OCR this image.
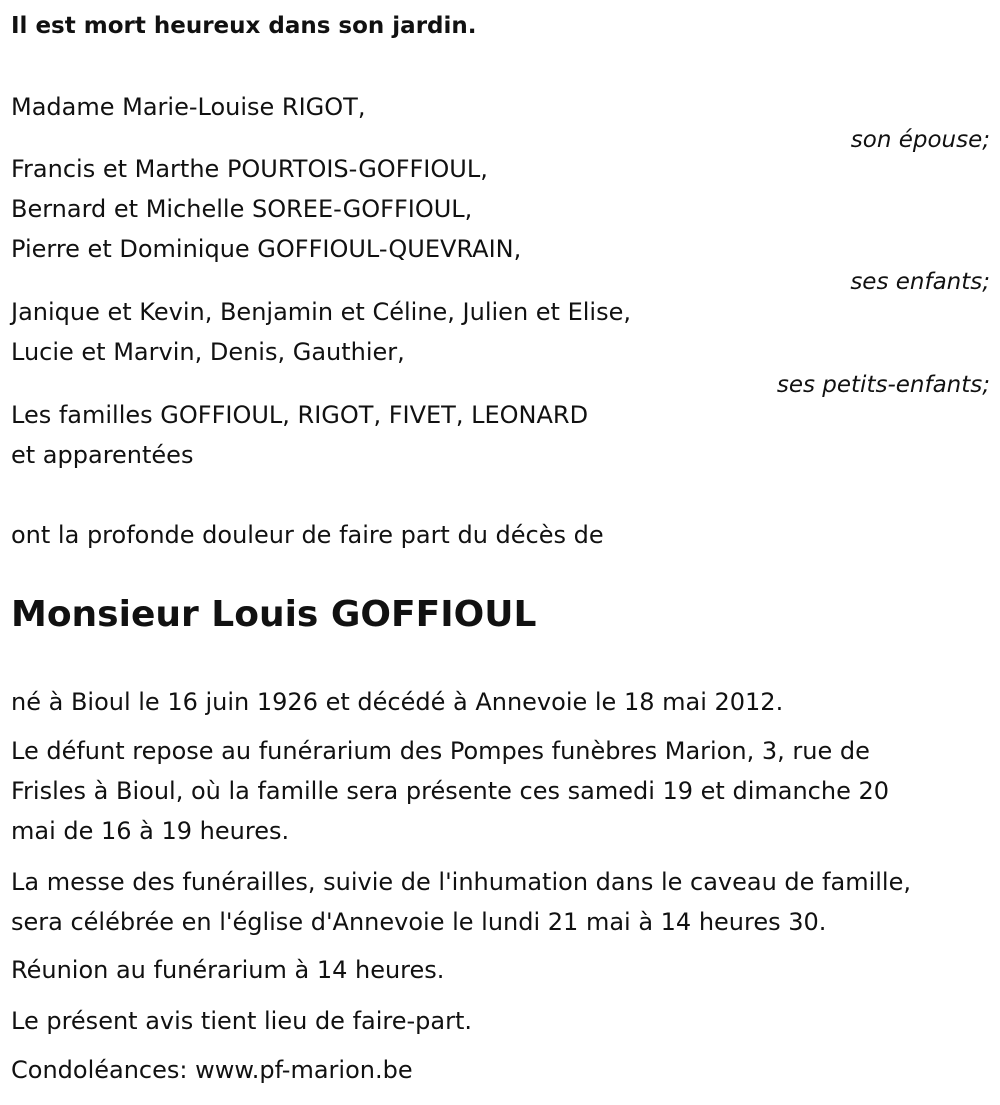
Il est mort heureux dans son jardin.
Madame Marie-Louise RIGOT,
son épouse;
Francis et Marthe POURTOIS-GOFFIOUL,
Bernard et Michelle SOREE-GOFFIOUL,
Pierre et Dominique GOFFIOUL-QUEVRAIN,
ses enfants;
Janique et Kevin, Benjamin et Céline, Julien et Elise,
Lucie et Marvin, Denis, Gauthier,
ses petits-enfants;
Les familles GOFFIOUL, RIGOT, FIVET, LEONARD
et apparentées
ont la profonde douleur de faire part du décès de
Monsieur Louis GOFFIOUL
né à Bioul le 16 juin 1926 et décédé à Annevoie le 18 mai 2012.
Le défunt repose au funérarium des Pompes funèbres Marion, 3, rue de
Frisles à Bioul, où la famille sera présente ces samedi 19 et dimanche 20
mai de 16 à 19 heures.
La messe des funérailles, suivie de l'inhumation dans le caveau de famille,
sera célébrée en l'église d'Annevoie le lundi 21 mai à 14 heures 30.
Réunion au funérarium à 14 heures.
Le présent avis tient lieu de faire-part.
Condoléances: www.pf-marion.be
